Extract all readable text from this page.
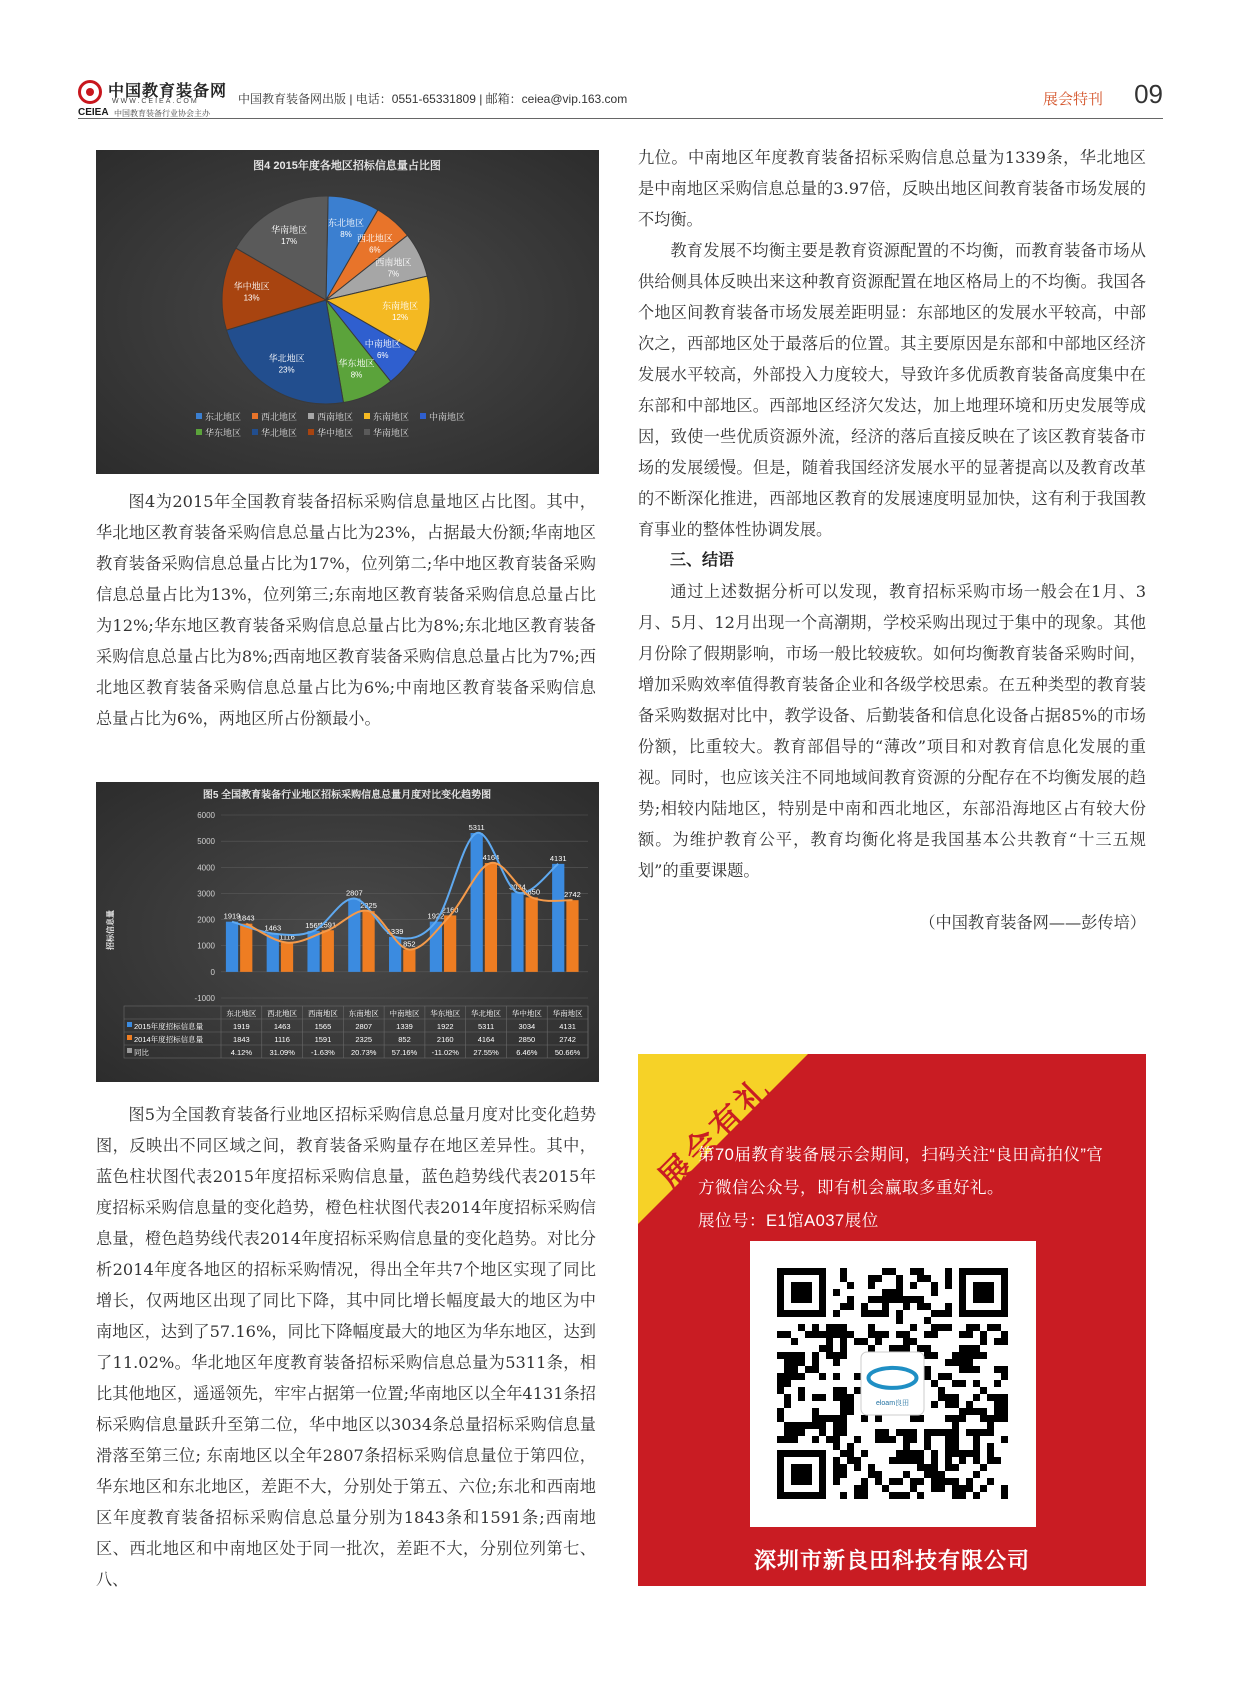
中国教育装备网
WWW.CEIEA.COM
CEIEA 中国教育装备行业协会主办
中国教育装备网出版 | 电话：0551-65331809 | 邮箱：ceiea@vip.163.com	展会特刊 09
图4 2015年度各地区招标信息量占比图
东北地区
8% 西北地区
6%
西南地区
7%
东南地区
12%
中南地区
6%
华东地区
8%
华北地区
23%
华中地区
13%
华南地区
17%
东北地区 西北地区 西南地区 东南地区 中南地区
华东地区 华北地区 华中地区 华南地区

图4为2015年全国教育装备招标采购信息量地区占比图。其中，华北地区教育装备采购信息总量占比为23%，占据最大份额;华南地区教育装备采购信息总量占比为17%，位列第二;华中地区教育装备采购信息总量占比为13%，位列第三;东南地区教育装备采购信息总量占比为12%;华东地区教育装备采购信息总量占比为8%;东北地区教育装备采购信息总量占比为8%;西南地区教育装备采购信息总量占比为7%;西北地区教育装备采购信息总量占比为6%;中南地区教育装备采购信息总量占比为6%，两地区所占份额最小。

图5 全国教育装备行业地区招标采购信息总量月度对比变化趋势图
招标信息量
-1000
0
1000
2000
3000
4000
5000
6000
1919
1463	1565
2807
1339
1922
5311
3034
4131
1843
1116
1591
2325
852
2160
4164
2850	2742
东北地区 西北地区 西南地区 东南地区 中南地区 华东地区 华北地区 华中地区 华南地区
2015年度招标信息量	1919	1463	1565	2807	1339	1922	5311	3034	4131
2014年度招标信息量	1843	1116	1591	2325	852	2160	4164	2850	2742
同比	4.12% 31.09% -1.63% 20.73% 57.16% -11.02% 27.55% 6.46% 50.66%

图5为全国教育装备行业地区招标采购信息总量月度对比变化趋势图，反映出不同区域之间，教育装备采购量存在地区差异性。其中，蓝色柱状图代表2015年度招标采购信息量，蓝色趋势线代表2015年度招标采购信息量的变化趋势，橙色柱状图代表2014年度招标采购信息量，橙色趋势线代表2014年度招标采购信息量的变化趋势。对比分析2014年度各地区的招标采购情况，得出全年共7个地区实现了同比增长，仅两地区出现了同比下降，其中同比增长幅度最大的地区为中南地区，达到了57.16%，同比下降幅度最大的地区为华东地区，达到了11.02%。华北地区年度教育装备招标采购信息总量为5311条，相比其他地区，遥遥领先，牢牢占据第一位置;华南地区以全年4131条招标采购信息量跃升至第二位，华中地区以3034条总量招标采购信息量滑落至第三位; 东南地区以全年2807条招标采购信息量位于第四位，华东地区和东北地区，差距不大，分别处于第五、六位;东北和西南地区年度教育装备招标采购信息总量分别为1843条和1591条;西南地区、西北地区和中南地区处于同一批次，差距不大，分别位列第七、八、

九位。中南地区年度教育装备招标采购信息总量为1339条，华北地区是中南地区采购信息总量的3.97倍，反映出地区间教育装备市场发展的不均衡。

教育发展不均衡主要是教育资源配置的不均衡，而教育装备市场从供给侧具体反映出来这种教育资源配置在地区格局上的不均衡。我国各个地区间教育装备市场发展差距明显：东部地区的发展水平较高，中部次之，西部地区处于最落后的位置。其主要原因是东部和中部地区经济发展水平较高，外部投入力度较大，导致许多优质教育装备高度集中在东部和中部地区。西部地区经济欠发达，加上地理环境和历史发展等成因，致使一些优质资源外流，经济的落后直接反映在了该区教育装备市场的发展缓慢。但是，随着我国经济发展水平的显著提高以及教育改革的不断深化推进，西部地区教育的发展速度明显加快，这有利于我国教育事业的整体性协调发展。

三、结语

通过上述数据分析可以发现，教育招标采购市场一般会在1月、3月、5月、12月出现一个高潮期，学校采购出现过于集中的现象。其他月份除了假期影响，市场一般比较疲软。如何均衡教育装备采购时间，增加采购效率值得教育装备企业和各级学校思索。在五种类型的教育装备采购数据对比中，教学设备、后勤装备和信息化设备占据85%的市场份额，比重较大。教育部倡导的“薄改”项目和对教育信息化发展的重视。同时，也应该关注不同地域间教育资源的分配存在不均衡发展的趋势;相较内陆地区，特别是中南和西北地区，东部沿海地区占有较大份额。为维护教育公平，教育均衡化将是我国基本公共教育“十三五规划”的重要课题。

（中国教育装备网——彭传培）

展会有礼
第70届教育装备展示会期间，扫码关注“良田高拍仪”官方微信公众号，即有机会赢取多重好礼。
展位号：E1馆A037展位
eloam良田
深圳市新良田科技有限公司
